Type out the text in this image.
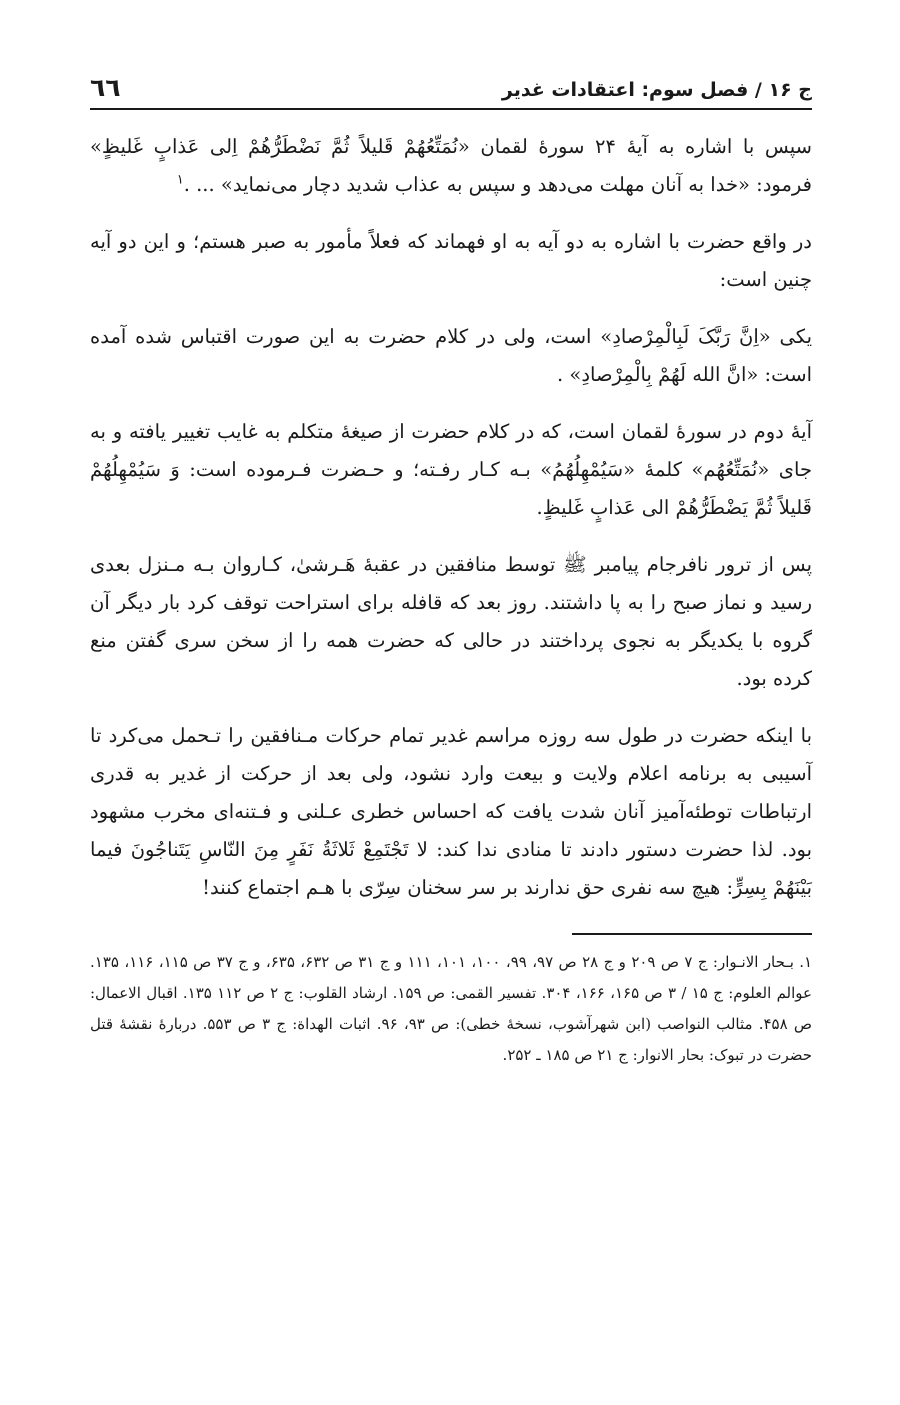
ج ۱۶ / فصل سوم: اعتقادات غدیر
٦٦

سپس با اشاره به آیهٔ ۲۴ سورهٔ لقمان «نُمَتِّعُهُمْ قَلیلاً ثُمَّ نَضْطَرُّهُمْ اِلی عَذابٍ غَلیظٍ» فرمود: «خدا به آنان مهلت می‌دهد و سپس به عذاب شدید دچار می‌نماید» ... .$^۱$

در واقع حضرت با اشاره به دو آیه به او فهماند که فعلاً مأمور به صبر هستم؛ و این دو آیه چنین است:

یکی «اِنَّ رَبَّکَ لَبِالْمِرْصادِ» است، ولی در کلام حضرت به این صورت اقتباس شده آمده است: «انَّ الله لَهُمْ بِالْمِرْصادِ» .

آیهٔ دوم در سورهٔ لقمان است، که در کلام حضرت از صیغهٔ متکلم به غایب تغییر یافته و به جای «نُمَتِّعُهُم» کلمهٔ «سَیُمْهِلُهُمُ» بـه کـار رفـته؛ و حـضرت فـرموده است: وَ سَیُمْهِلُهُمْ قَلیلاً ثُمَّ یَضْطَرُّهُمْ الی عَذابٍ غَلیظٍ.

پس از ترور نافرجام پیامبر ﷺ توسط منافقین در عقبهٔ هَـرشیٰ، کـاروان بـه مـنزل بعدی رسید و نماز صبح را به پا داشتند. روز بعد که قافله برای استراحت توقف کرد بار دیگر آن گروه با یکدیگر به نجوی پرداختند در حالی که حضرت همه را از سخن سری گفتن منع کرده بود.

با اینکه حضرت در طول سه روزه مراسم غدیر تمام حرکات مـنافقین را تـحمل می‌کرد تا آسیبی به برنامه اعلام ولایت و بیعت وارد نشود، ولی بعد از حرکت از غدیر به قدری ارتباطات توطئه‌آمیز آنان شدت یافت که احساس خطری عـلنی و فـتنه‌ای مخرب مشهود بود. لذا حضرت دستور دادند تا منادی ندا کند: لا تَجْتَمِعْ ثَلاثَةُ نَفَرٍ مِنَ النّاسِ یَتَناجُونَ فیما بَیْنَهُمْ بِسِرٍّ: هیچ سه نفری حق ندارند بر سر سخنان سِرّی با هـم اجتماع کنند!

۱. بـحار الانـوار: ج ۷ ص ۲۰۹ و ج ۲۸ ص ۹۷، ۹۹، ۱۰۰، ۱۰۱، ۱۱۱ و ج ۳۱ ص ۶۳۲، ۶۳۵، و ج ۳۷ ص ۱۱۵، ۱۱۶، ۱۳۵. عوالم العلوم: ج ۱۵ / ۳ ص ۱۶۵، ۱۶۶، ۳۰۴. تفسیر القمی: ص ۱۵۹. ارشاد القلوب: ج ۲ ص ۱۱۲ ۱۳۵. اقبال الاعمال: ص ۴۵۸. مثالب النواصب (ابن شهرآشوب، نسخهٔ خطی): ص ۹۳، ۹۶. اثبات الهداة: ج ۳ ص ۵۵۳. دربارهٔ نقشهٔ قتل حضرت در تبوک: بحار الانوار: ج ۲۱ ص ۱۸۵ ـ ۲۵۲.
